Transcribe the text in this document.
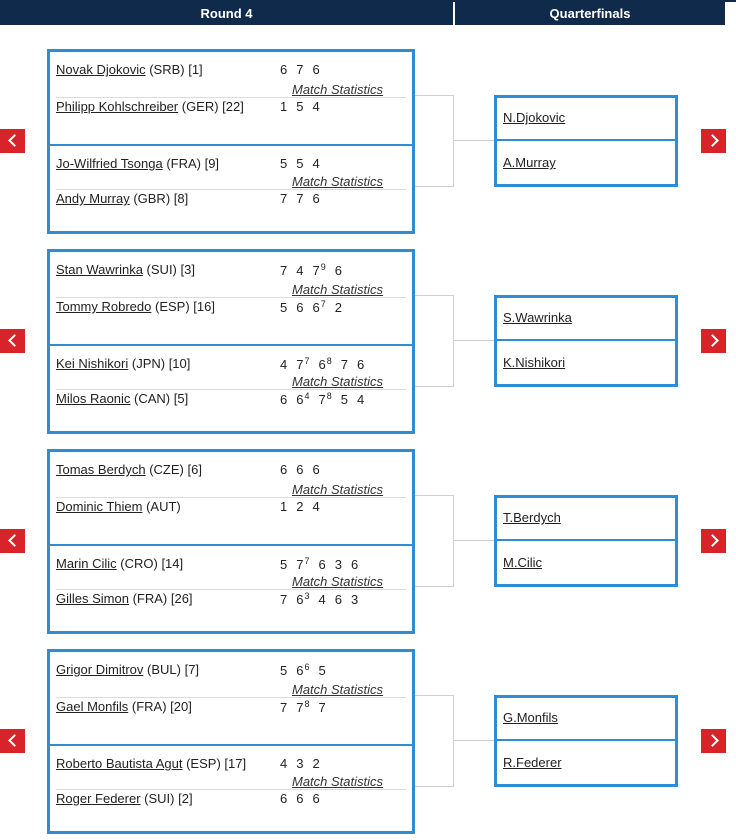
Round 4	Quarterfinals
Novak Djokovic (SRB) [1]	6 7 6
Philipp Kohlschreiber (GER) [22]	1 5 4
Match Statistics
Jo-Wilfried Tsonga (FRA) [9]	5 5 4
Andy Murray (GBR) [8]	7 7 6
Match Statistics
N.Djokovic
A.Murray
Stan Wawrinka (SUI) [3]	7 4 $7^9$ 6
Tommy Robredo (ESP) [16]	5 6 $6^7$ 2
Match Statistics
Kei Nishikori (JPN) [10]	4 $7^7$ $6^8$ 7 6
Milos Raonic (CAN) [5]	6 $6^4$ $7^8$ 5 4
Match Statistics
S.Wawrinka
K.Nishikori
Tomas Berdych (CZE) [6]	6 6 6
Dominic Thiem (AUT)	1 2 4
Match Statistics
Marin Cilic (CRO) [14]	5 $7^7$ 6 3 6
Gilles Simon (FRA) [26]	7 $6^3$ 4 6 3
Match Statistics
T.Berdych
M.Cilic
Grigor Dimitrov (BUL) [7]	5 $6^6$ 5
Gael Monfils (FRA) [20]	7 $7^8$ 7
Match Statistics
Roberto Bautista Agut (ESP) [17]	4 3 2
Roger Federer (SUI) [2]	6 6 6
Match Statistics
G.Monfils
R.Federer
